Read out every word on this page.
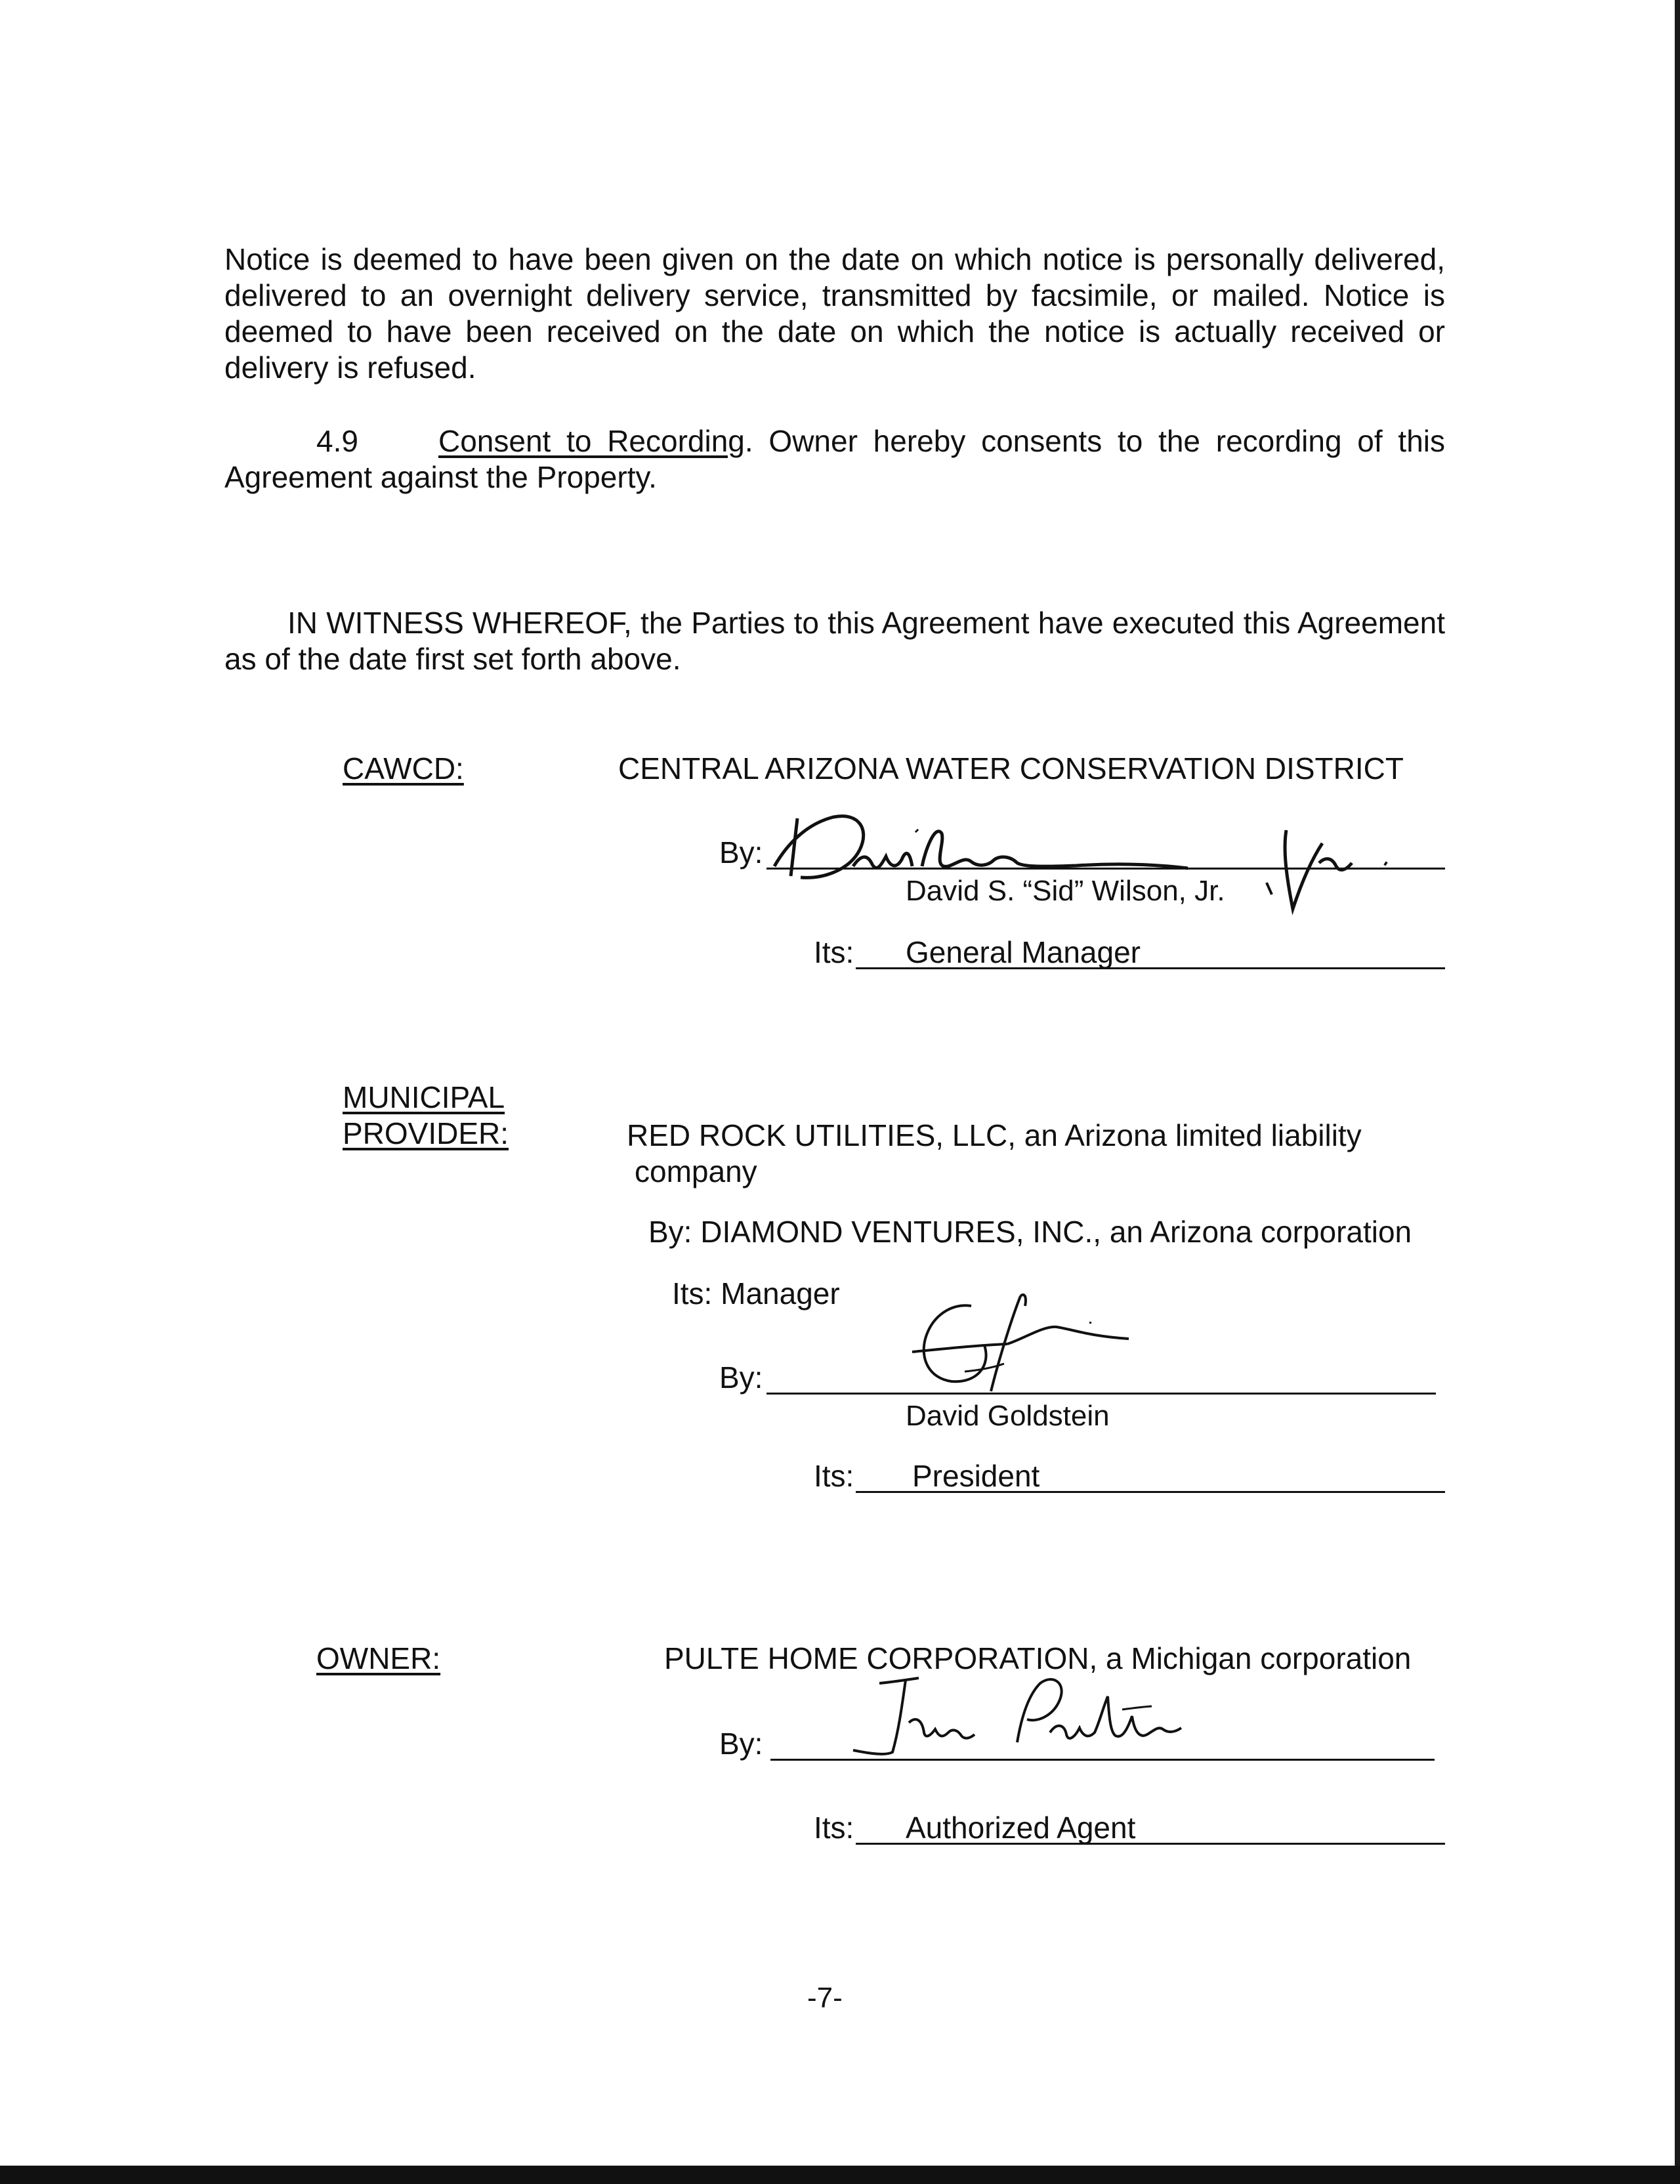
Notice is deemed to have been given on the date on which notice is personally delivered, delivered to an overnight delivery service, transmitted by facsimile, or mailed. Notice is deemed to have been received on the date on which the notice is actually received or delivery is refused.
4.9	Consent to Recording. Owner hereby consents to the recording of this Agreement against the Property.
IN WITNESS WHEREOF, the Parties to this Agreement have executed this Agreement as of the date first set forth above.
CAWCD:	CENTRAL ARIZONA WATER CONSERVATION DISTRICT
By:
David S. “Sid” Wilson, Jr.
Its: General Manager
MUNICIPAL
PROVIDER:	RED ROCK UTILITIES, LLC, an Arizona limited liability
company
By: DIAMOND VENTURES, INC., an Arizona corporation
Its: Manager
By:
David Goldstein
Its: President
OWNER:	PULTE HOME CORPORATION, a Michigan corporation
By:
Its: Authorized Agent
-7-
